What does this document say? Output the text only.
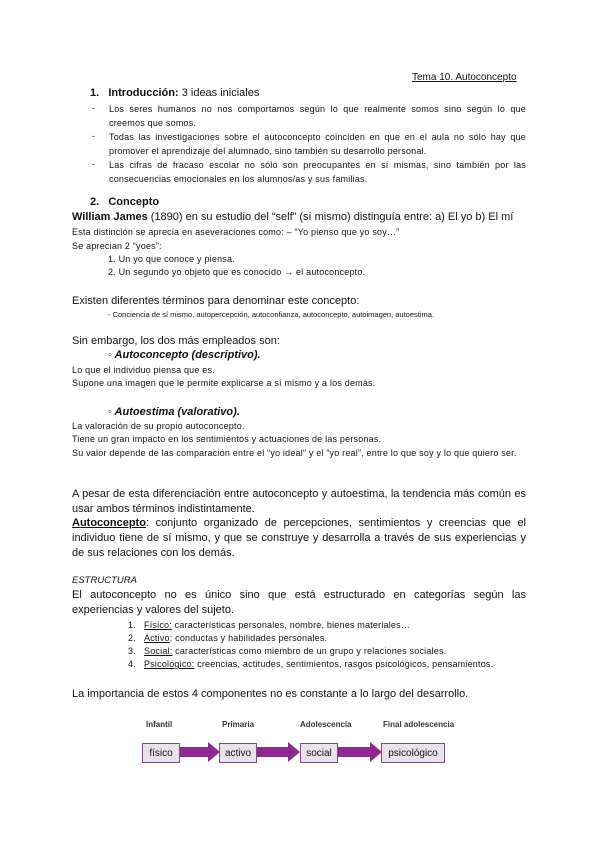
Tema 10. Autoconcepto
1. Introducción: 3 ideas iniciales
- Los seres humanos no nos comportamos según lo que realmente somos sino según lo que creemos que somos.
- Todas las investigaciones sobre el autoconcepto coinciden en que en el aula no sólo hay que promover el aprendizaje del alumnado, sino también su desarrollo personal.
- Las cifras de fracaso escolar no sólo son preocupantes en sí mismas, sino también por las consecuencias emocionales en los alumnos/as y sus familias.
2. Concepto
William James (1890) en su estudio del “self” (sí mismo) distinguía entre: a) El yo b) El mí
Esta distinción se aprecia en aseveraciones como: – “Yo pienso que yo soy…”
Se aprecian 2 “yoes”:
1. Un yo que conoce y piensa.
2. Un segundo yo objeto que es conocido → el autoconcepto.
Existen diferentes términos para denominar este concepto:
- Conciencia de sí mismo, autopercepción, autoconfianza, autoconcepto, autoimagen, autoestima.
Sin embargo, los dos más empleados son:
◦ Autoconcepto (descriptivo).
Lo que el individuo piensa que es.
Supone una imagen que le permite explicarse a sí mismo y a los demás.
◦ Autoestima (valorativo).
La valoración de su propio autoconcepto.
Tiene un gran impacto en los sentimientos y actuaciones de las personas.
Su valor depende de las comparación entre el “yo ideal” y el “yo real”, entre lo que soy y lo que quiero ser.
A pesar de esta diferenciación entre autoconcepto y autoestima, la tendencia más común es usar ambos términos indistintamente.
Autoconcepto: conjunto organizado de percepciones, sentimientos y creencias que el individuo tiene de sí mismo, y que se construye y desarrolla a través de sus experiencias y de sus relaciones con los demás.
ESTRUCTURA
El autoconcepto no es único sino que está estructurado en categorías según las experiencias y valores del sujeto.
1. Físico: características personales, nombre, bienes materiales…
2. Activo: conductas y habilidades personales.
3. Social: características como miembro de un grupo y relaciones sociales.
4. Psicológico: creencias, actitudes, sentimientos, rasgos psicológicos, pensamientos.
La importancia de estos 4 componentes no es constante a lo largo del desarrollo.
Infantil	Primaria	Adolescencia	Final adolescencia
físico	activo	social	psicológico
